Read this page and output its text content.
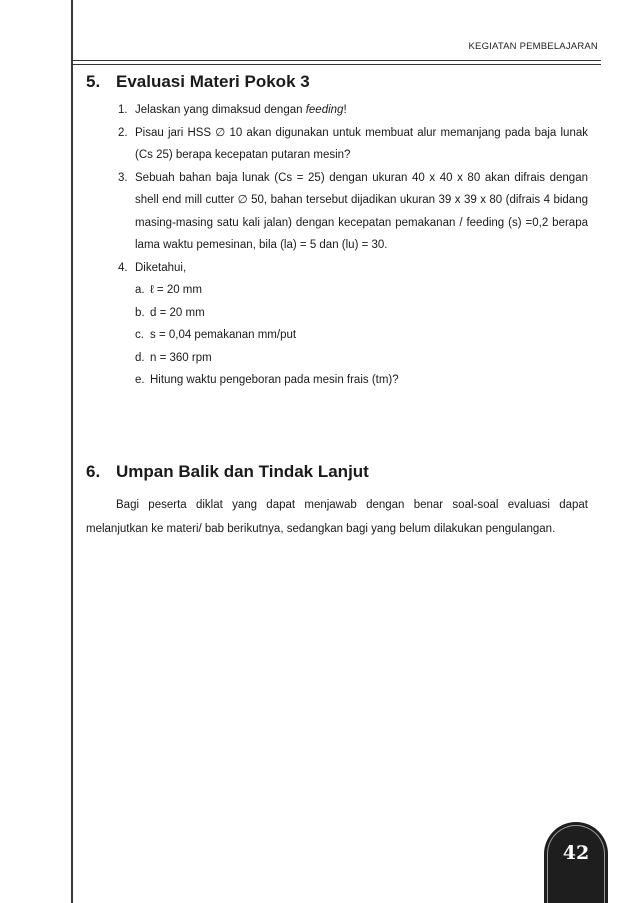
KEGIATAN PEMBELAJARAN
5. Evaluasi Materi Pokok 3
1. Jelaskan yang dimaksud dengan feeding!
2. Pisau jari HSS ∅ 10 akan digunakan untuk membuat alur memanjang pada baja lunak (Cs 25) berapa kecepatan putaran mesin?
3. Sebuah bahan baja lunak (Cs = 25) dengan ukuran 40 x 40 x 80 akan difrais dengan shell end mill cutter ∅ 50, bahan tersebut dijadikan ukuran 39 x 39 x 80 (difrais 4 bidang masing-masing satu kali jalan) dengan kecepatan pemakanan / feeding (s) =0,2 berapa lama waktu pemesinan, bila (la) = 5 dan (lu) = 30.
4. Diketahui,
a. ℓ = 20 mm
b. d = 20 mm
c. s = 0,04 pemakanan mm/put
d. n = 360 rpm
e. Hitung waktu pengeboran pada mesin frais (tm)?
6. Umpan Balik dan Tindak Lanjut
Bagi peserta diklat yang dapat menjawab dengan benar soal-soal evaluasi dapat melanjutkan ke materi/ bab berikutnya, sedangkan bagi yang belum dilakukan pengulangan.
42
